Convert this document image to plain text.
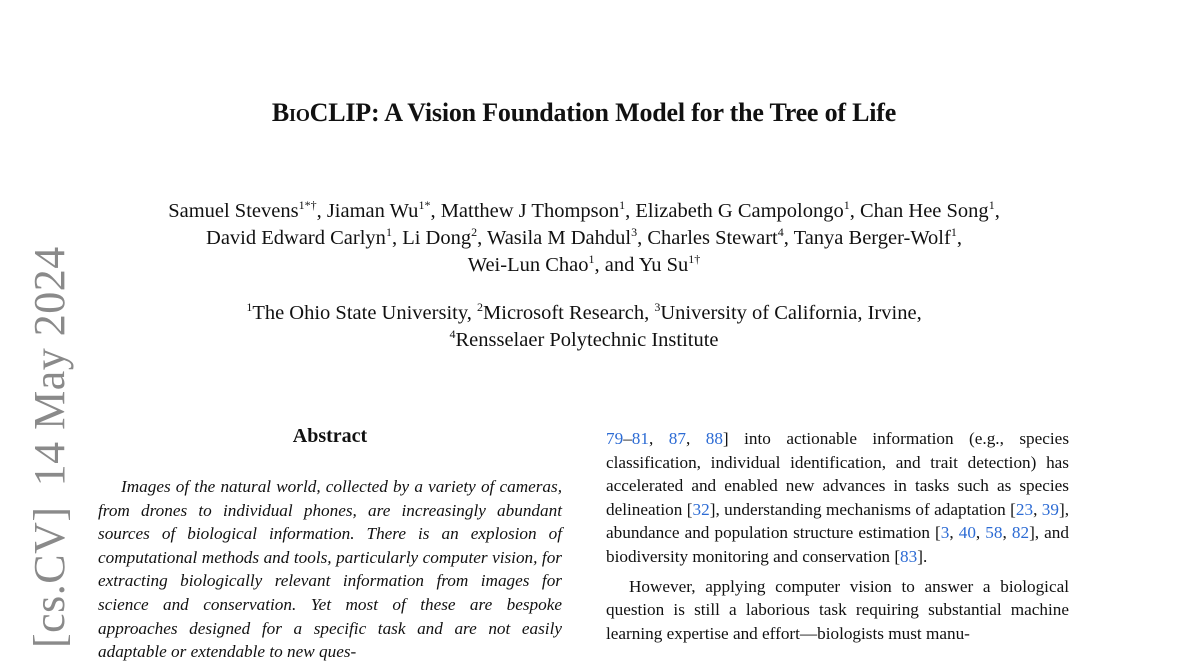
BioCLIP: A Vision Foundation Model for the Tree of Life
Samuel Stevens$^{1*\dagger}$, Jiaman $Wu^{1*}$, Matthew J Thompson$^1$, Elizabeth G Campolongo$^1$, Chan Hee Song$^1$,
David Edward Carlyn$^1$, Li Dong$^2$, Wasila M Dahdul$^3$, Charles Stewart$^4$, Tanya Berger-Wolf$^1$,
Wei-Lun Chao$^1$, and Yu $Su^{1\dagger}$
$^1$The Ohio State University, $^2$Microsoft Research, $^3$University of California, Irvine,
$^4$Rensselaer Polytechnic Institute
[cs.CV]14 May 2024	Abstract

Images of the natural world, collected by a variety of cameras, from drones to individual phones, are increasingly abundant sources of biological information. There is an explosion of computational methods and tools, particularly computer vision, for extracting biologically relevant information from images for science and conservation. Yet most of these are bespoke approaches designed for a specific task and are not easily adaptable or extendable to new ques-

79–81, 87, 88] into actionable information (e.g., species classification, individual identification, and trait detection) has accelerated and enabled new advances in tasks such as species delineation [32], understanding mechanisms of adaptation [23, 39], abundance and population structure estimation [3, 40, 58, 82], and biodiversity monitoring and conservation [83].

However, applying computer vision to answer a biological question is still a laborious task requiring substantial machine learning expertise and effort—biologists must manu-
